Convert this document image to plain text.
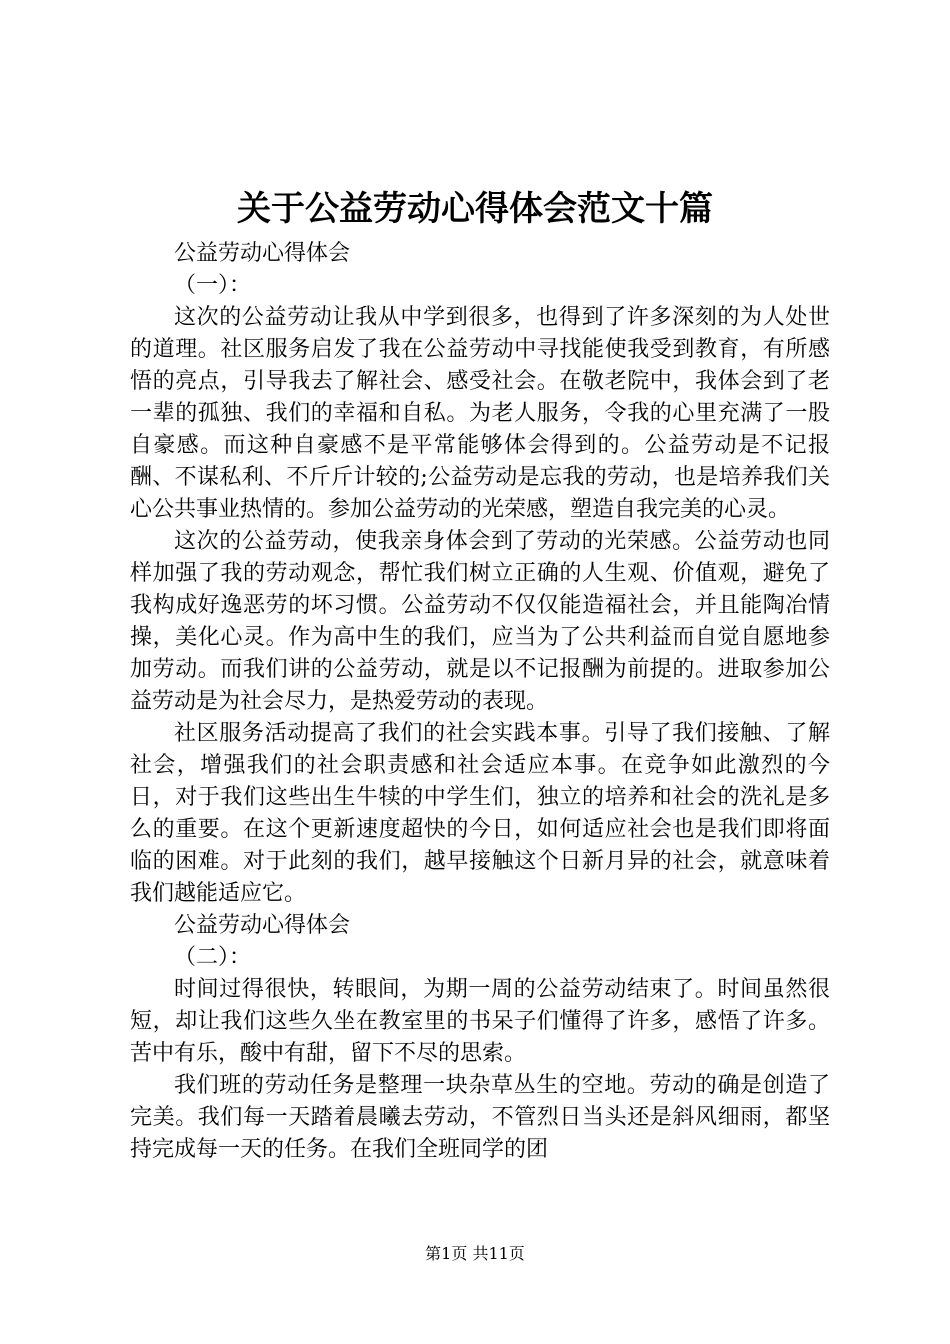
关于公益劳动心得体会范文十篇

公益劳动心得体会

（一）：

这次的公益劳动让我从中学到很多，也得到了许多深刻的为人处世的道理。社区服务启发了我在公益劳动中寻找能使我受到教育，有所感悟的亮点，引导我去了解社会、感受社会。在敬老院中，我体会到了老一辈的孤独、我们的幸福和自私。为老人服务，令我的心里充满了一股自豪感。而这种自豪感不是平常能够体会得到的。公益劳动是不记报酬、不谋私利、不斤斤计较的;公益劳动是忘我的劳动，也是培养我们关心公共事业热情的。参加公益劳动的光荣感，塑造自我完美的心灵。

这次的公益劳动，使我亲身体会到了劳动的光荣感。公益劳动也同样加强了我的劳动观念，帮忙我们树立正确的人生观、价值观，避免了我构成好逸恶劳的坏习惯。公益劳动不仅仅能造福社会，并且能陶冶情操，美化心灵。作为高中生的我们，应当为了公共利益而自觉自愿地参加劳动。而我们讲的公益劳动，就是以不记报酬为前提的。进取参加公益劳动是为社会尽力，是热爱劳动的表现。

社区服务活动提高了我们的社会实践本事。引导了我们接触、了解社会，增强我们的社会职责感和社会适应本事。在竞争如此激烈的今日，对于我们这些出生牛犊的中学生们，独立的培养和社会的洗礼是多么的重要。在这个更新速度超快的今日，如何适应社会也是我们即将面临的困难。对于此刻的我们，越早接触这个日新月异的社会，就意味着我们越能适应它。

公益劳动心得体会

（二）：

时间过得很快，转眼间，为期一周的公益劳动结束了。时间虽然很短，却让我们这些久坐在教室里的书呆子们懂得了许多，感悟了许多。苦中有乐，酸中有甜，留下不尽的思索。

我们班的劳动任务是整理一块杂草丛生的空地。劳动的确是创造了完美。我们每一天踏着晨曦去劳动，不管烈日当头还是斜风细雨，都坚持完成每一天的任务。在我们全班同学的团

第1页 共11页
